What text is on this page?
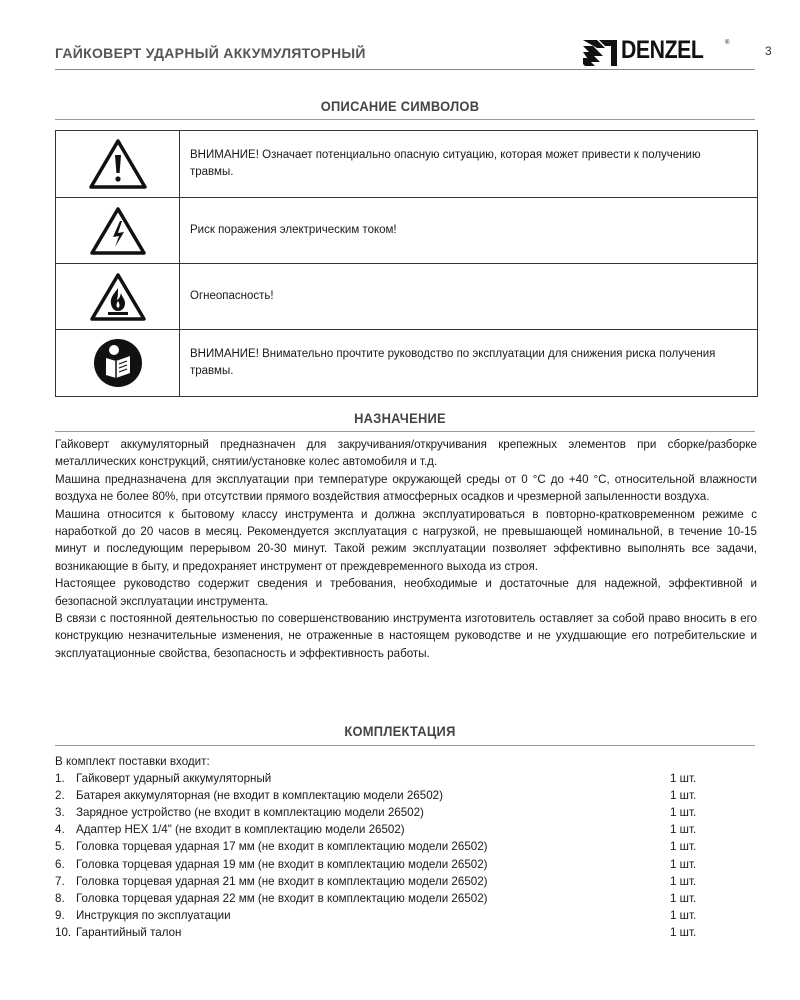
ГАЙКОВЕРТ УДАРНЫЙ АККУМУЛЯТОРНЫЙ	DENZEL	®
3
ОПИСАНИЕ СИМВОЛОВ
	ВНИМАНИЕ! Означает потенциально опасную ситуацию, которая может привести к получению травмы.

	Риск поражения электрическим током!

	Огнеопасность!

	ВНИМАНИЕ! Внимательно прочтите руководство по эксплуатации для снижения риска получения травмы.
НАЗНАЧЕНИЕ

Гайковерт аккумуляторный предназначен для закручивания/откручивания крепежных элементов при сборке/разборке металлических конструкций, снятии/установке колес автомобиля и т.д.

Машина предназначена для эксплуатации при температуре окружающей среды от 0 °С до +40 °С, относительной влажности воздуха не более 80%, при отсутствии прямого воздействия атмосферных осадков и чрезмерной запыленности воздуха.

Машина относится к бытовому классу инструмента и должна эксплуатироваться в повторно-кратковременном режиме с наработкой до 20 часов в месяц. Рекомендуется эксплуатация с нагрузкой, не превышающей номинальной, в течение 10-15 минут и последующим перерывом 20-30 минут. Такой режим эксплуатации позволяет эффективно выполнять все задачи, возникающие в быту, и предохраняет инструмент от преждевременного выхода из строя.

Настоящее руководство содержит сведения и требования, необходимые и достаточные для надежной, эффективной и безопасной эксплуатации инструмента.

В связи с постоянной деятельностью по совершенствованию инструмента изготовитель оставляет за собой право вносить в его конструкцию незначительные изменения, не отраженные в настоящем руководстве и не ухудшающие его потребительские и эксплуатационные свойства, безопасность и эффективность работы.

КОМПЛЕКТАЦИЯ
В комплект поставки входит:
1. Гайковерт ударный аккумуляторный	1 шт.
2. Батарея аккумуляторная (не входит в комплектацию модели 26502)	1 шт.
3. Зарядное устройство (не входит в комплектацию модели 26502)	1 шт.
4. Адаптер HEX 1/4" (не входит в комплектацию модели 26502)	1 шт.
5. Головка торцевая ударная 17 мм (не входит в комплектацию модели 26502)	1 шт.
6. Головка торцевая ударная 19 мм (не входит в комплектацию модели 26502)	1 шт.
7. Головка торцевая ударная 21 мм (не входит в комплектацию модели 26502)	1 шт.
8. Головка торцевая ударная 22 мм (не входит в комплектацию модели 26502)	1 шт.
9. Инструкция по эксплуатации	1 шт.
10. Гарантийный талон	1 шт.
